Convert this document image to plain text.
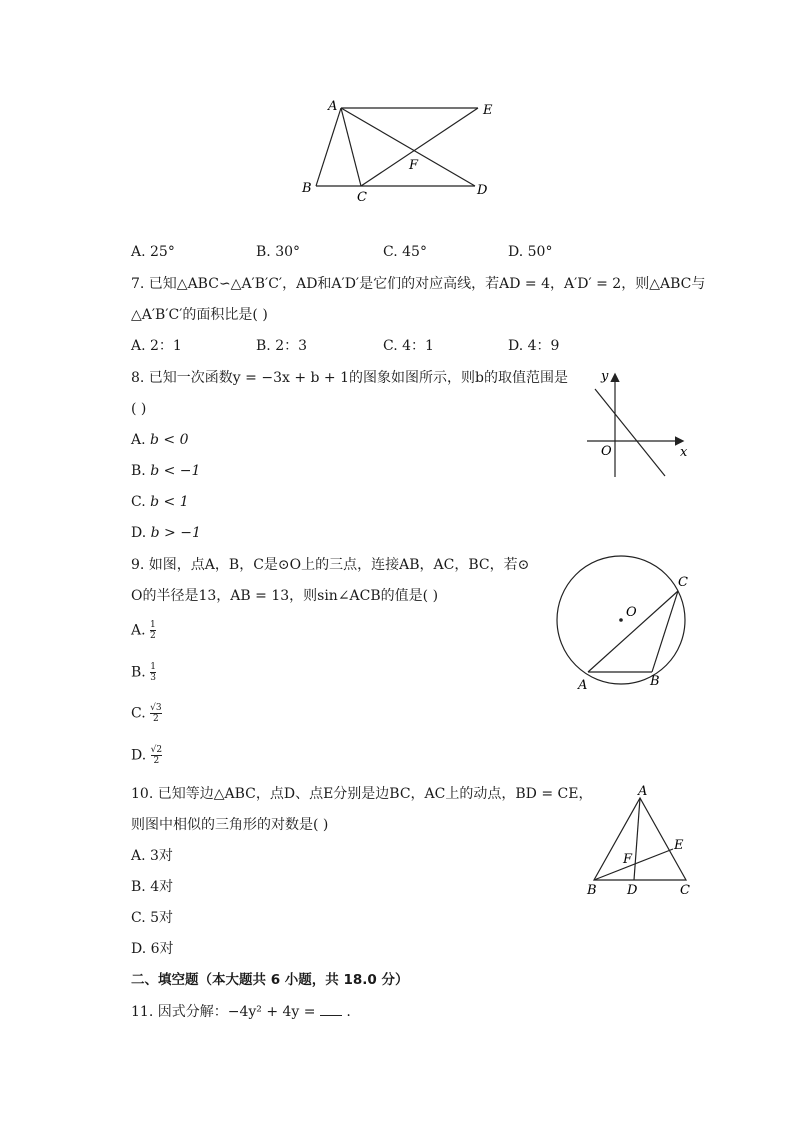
A	E
B
C	D
F
A. 25°	B. 30°	C. 45°	D. 50°
7. 已知△ABC∽△A′B′C′，AD和A′D′是它们的对应高线，若AD = 4，A′D′ = 2，则△ABC与
△A′B′C′的面积比是( )
A. 2：1	B. 2：3	C. 4：1	D. 4：9
8. 已知一次函数y = −3x + b + 1的图象如图所示，则b的取值范围是
( )
A. b < 0
B. b < −1
C. b < 1
D. b > −1
y
x
O
9. 如图，点A，B，C是⊙O上的三点，连接AB，AC，BC，若⊙
O的半径是13，AB = 13，则sin∠ACB的值是( )
A. $\frac{1}{2}$
B. $\frac{1}{3}$
C. $\frac{√3}{2}$
D. $\frac{√2}{2}$
O
C
A	B
10. 已知等边△ABC，点D、点E分别是边BC，AC上的动点，BD = CE，
则图中相似的三角形的对数是( )
A. 3对
B. 4对
C. 5对
D. 6对
A
B D	C
E
F
二、填空题（本大题共 6 小题，共 18.0 分）
11. 因式分解：−4y² + 4y = .
